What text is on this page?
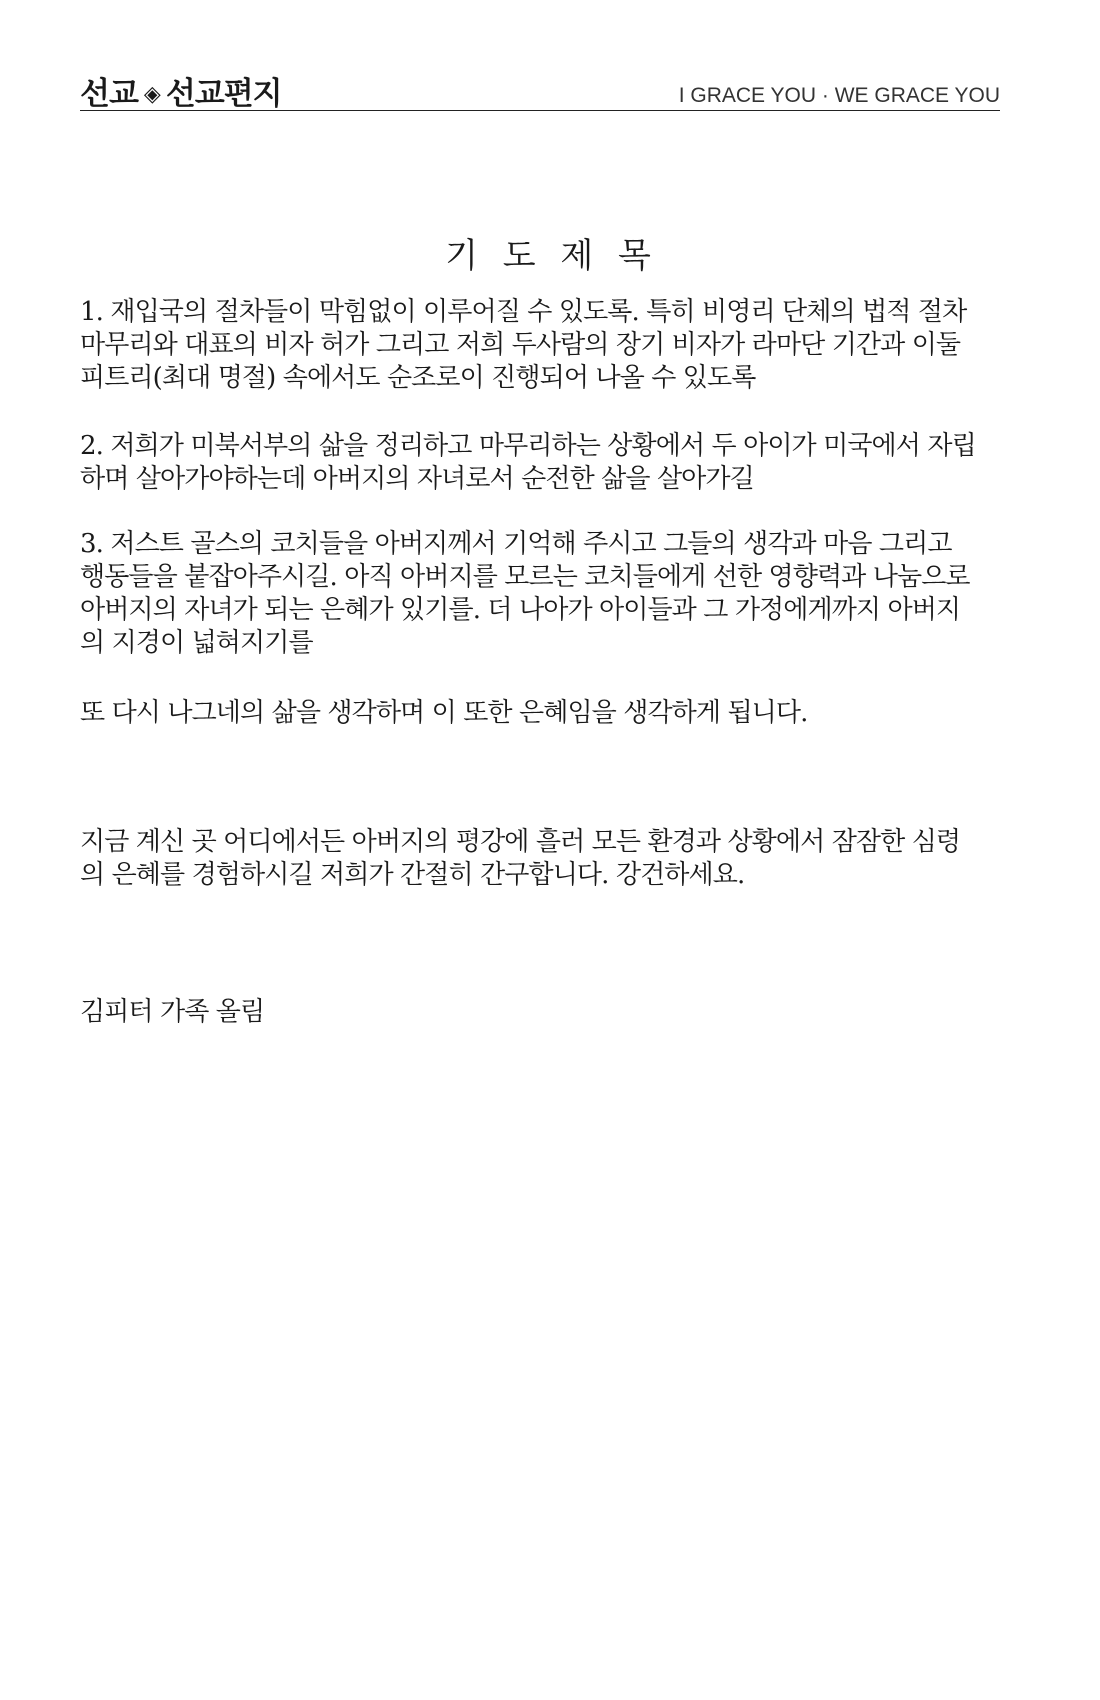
선교 ◈ 선교편지	I GRACE YOU · WE GRACE YOU
기 도 제 목
1. 재입국의 절차들이 막힘없이 이루어질 수 있도록. 특히 비영리 단체의 법적 절차
마무리와 대표의 비자 허가 그리고 저희 두사람의 장기 비자가 라마단 기간과 이둘
피트리(최대 명절) 속에서도 순조로이 진행되어 나올 수 있도록
2. 저희가 미북서부의 삶을 정리하고 마무리하는 상황에서 두 아이가 미국에서 자립
하며 살아가야하는데 아버지의 자녀로서 순전한 삶을 살아가길
3. 저스트 골스의 코치들을 아버지께서 기억해 주시고 그들의 생각과 마음 그리고
행동들을 붙잡아주시길. 아직 아버지를 모르는 코치들에게 선한 영향력과 나눔으로
아버지의 자녀가 되는 은혜가 있기를. 더 나아가 아이들과 그 가정에게까지 아버지
의 지경이 넓혀지기를
또 다시 나그네의 삶을 생각하며 이 또한 은혜임을 생각하게 됩니다.
지금 계신 곳 어디에서든 아버지의 평강에 흘러 모든 환경과 상황에서 잠잠한 심령
의 은혜를 경험하시길 저희가 간절히 간구합니다. 강건하세요.
김피터 가족 올림
